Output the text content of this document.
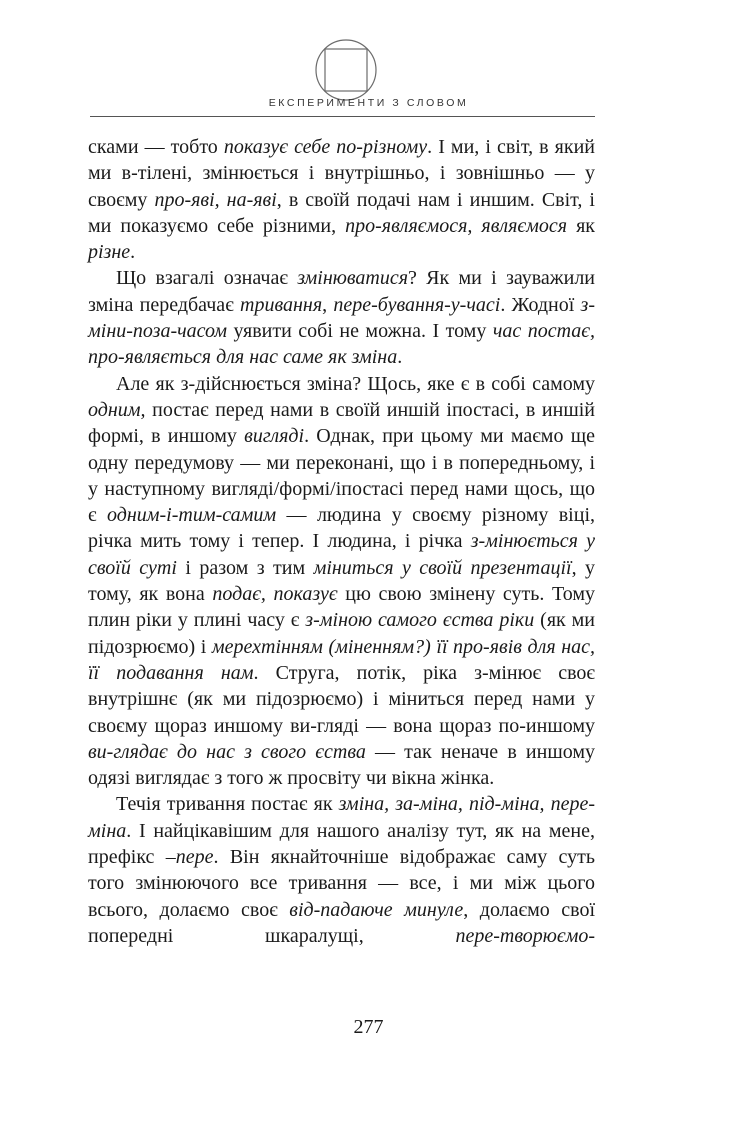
ЕКСПЕРИМЕНТИ З СЛОВОМ

сками — тобто показує себе по-різному. І ми, і світ, в який ми в-тілені, змінюється і внутрішньо, і зовнішньо — у своєму про-яві, на-яві, в своїй подачі нам і иншим. Світ, і ми показуємо себе різними, про-являємося, являємося як різне.

Що взагалі означає змінюватися? Як ми і зауважили зміна передбачає тривання, пере-бування-у-часі. Жодної з-міни-поза-часом уявити собі не можна. І тому час постає, про-являється для нас саме як зміна.

Але як з-дійснюється зміна? Щось, яке є в собі самому одним, постає перед нами в своїй иншій іпостасі, в иншій формі, в иншому вигляді. Однак, при цьому ми маємо ще одну передумову — ми переконані, що і в попередньому, і у наступному вигляді/формі/іпостасі перед нами щось, що є одним-і-тим-самим — людина у своєму різному віці, річка мить тому і тепер. І людина, і річка з-мінюється у своїй суті і разом з тим міниться у своїй презентації, у тому, як вона подає, показує цю свою змінену суть. Тому плин ріки у плині часу є з-міною самого єства ріки (як ми підозрюємо) і мерехтінням (міненням?) її про-явів для нас, її подавання нам. Струга, потік, ріка з-мінює своє внутрішнє (як ми підозрюємо) і міниться перед нами у своєму щораз иншому ви-гляді — вона щораз по-иншому ви-глядає до нас з свого єства — так неначе в иншому одязі виглядає з того ж просвіту чи вікна жінка.

Течія тривання постає як зміна, за-міна, під-міна, пере-міна. І найцікавішим для нашого аналізу тут, як на мене, префікс –пере. Він якнайточніше відображає саму суть того змінюючого все тривання — все, і ми між цього всього, долаємо своє від-падаюче минуле, долаємо свої попередні шкаралущі, пере-творюємо-

277
